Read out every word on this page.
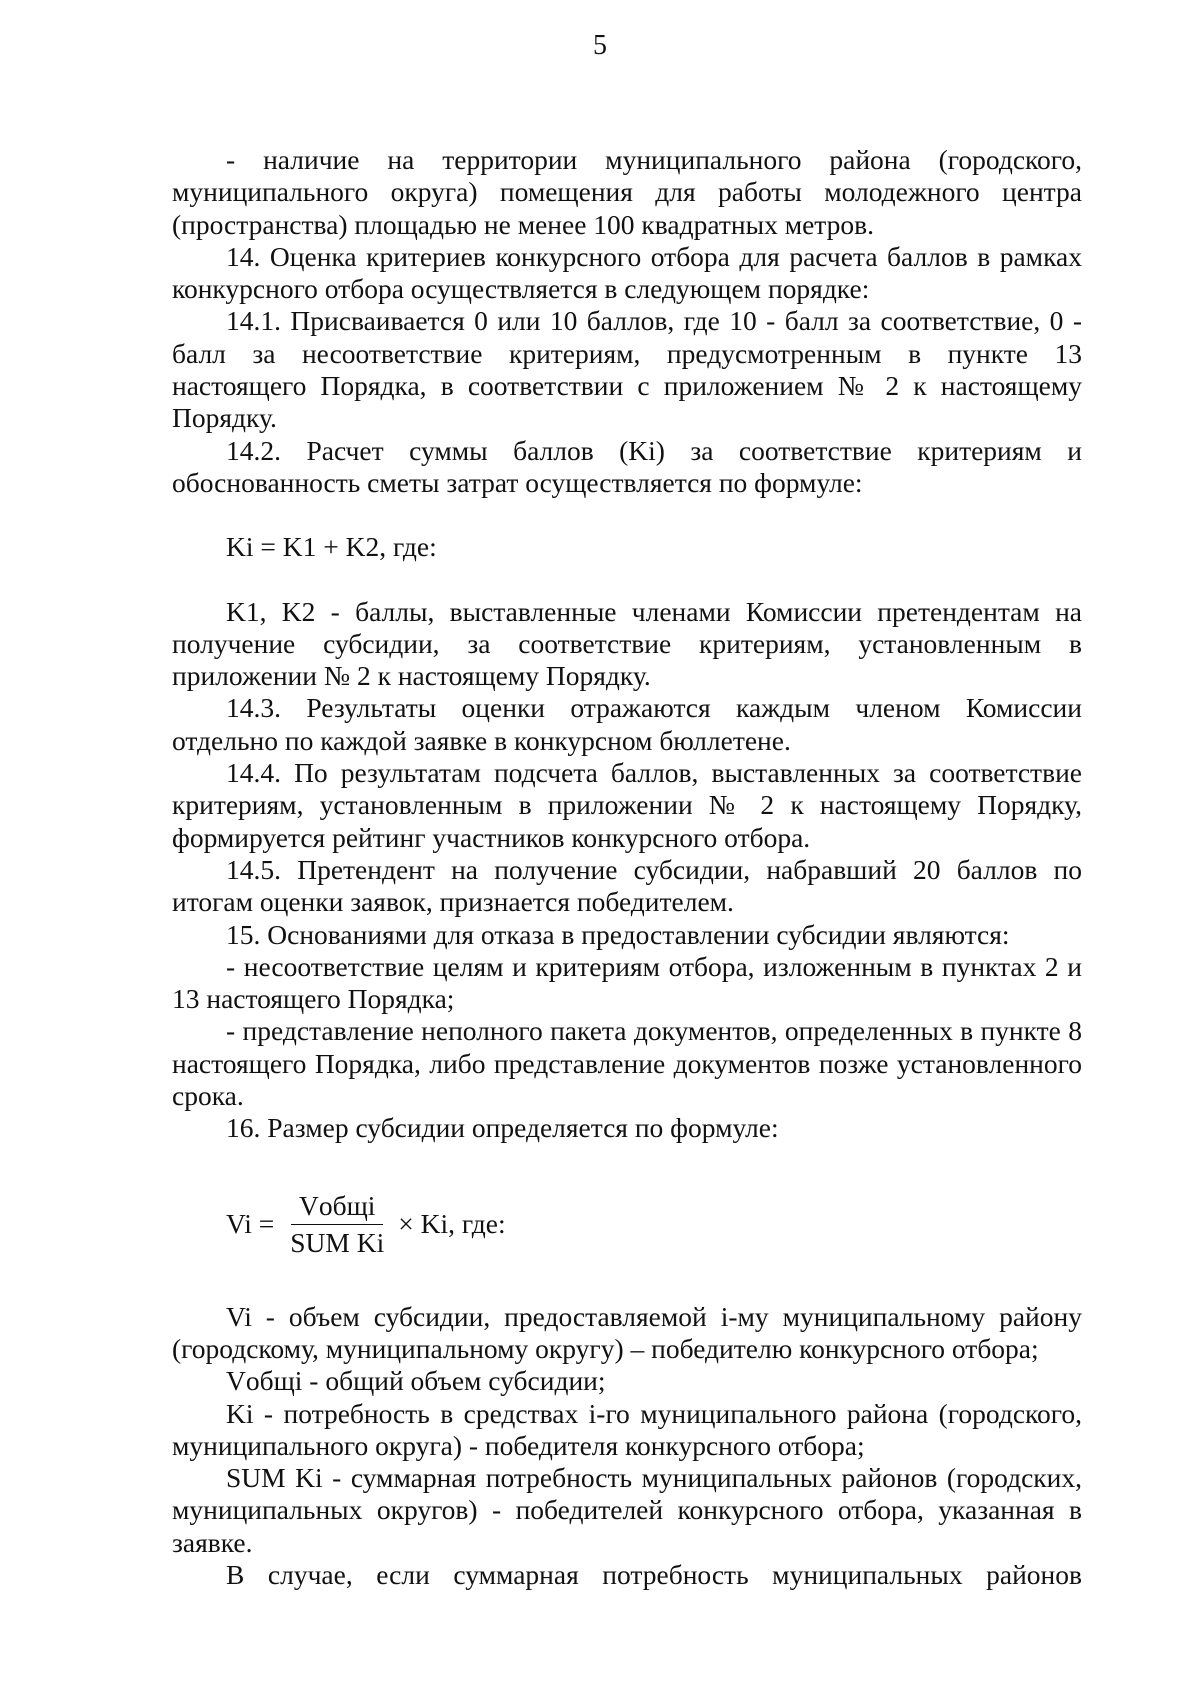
5

- наличие на территории муниципального района (городского, муниципального округа) помещения для работы молодежного центра (пространства) площадью не менее 100 квадратных метров.

14. Оценка критериев конкурсного отбора для расчета баллов в рамках конкурсного отбора осуществляется в следующем порядке:

14.1. Присваивается 0 или 10 баллов, где 10 - балл за соответствие, 0 - балл за несоответствие критериям, предусмотренным в пункте 13 настоящего Порядка, в соответствии с приложением № 2 к настоящему Порядку.

14.2. Расчет суммы баллов (Ki) за соответствие критериям и обоснованность сметы затрат осуществляется по формуле:

Ki = K1 + K2, где:

K1, K2 - баллы, выставленные членами Комиссии претендентам на получение субсидии, за соответствие критериям, установленным в приложении № 2 к настоящему Порядку.

14.3. Результаты оценки отражаются каждым членом Комиссии отдельно по каждой заявке в конкурсном бюллетене.

14.4. По результатам подсчета баллов, выставленных за соответствие критериям, установленным в приложении № 2 к настоящему Порядку, формируется рейтинг участников конкурсного отбора.

14.5. Претендент на получение субсидии, набравший 20 баллов по итогам оценки заявок, признается победителем.

15. Основаниями для отказа в предоставлении субсидии являются:

- несоответствие целям и критериям отбора, изложенным в пунктах 2 и 13 настоящего Порядка;

- представление неполного пакета документов, определенных в пункте 8 настоящего Порядка, либо представление документов позже установленного срока.

16. Размер субсидии определяется по формуле:

$Vi = \frac{\text{Vобщi}}{\text{SUM Ki}} \times Ki$, где:

Vi - объем субсидии, предоставляемой i-му муниципальному району (городскому, муниципальному округу) – победителю конкурсного отбора;

Vобщi - общий объем субсидии;

Ki - потребность в средствах i-го муниципального района (городского, муниципального округа) - победителя конкурсного отбора;

SUM Ki - суммарная потребность муниципальных районов (городских, муниципальных округов) - победителей конкурсного отбора, указанная в заявке.

В случае, если суммарная потребность муниципальных районов
